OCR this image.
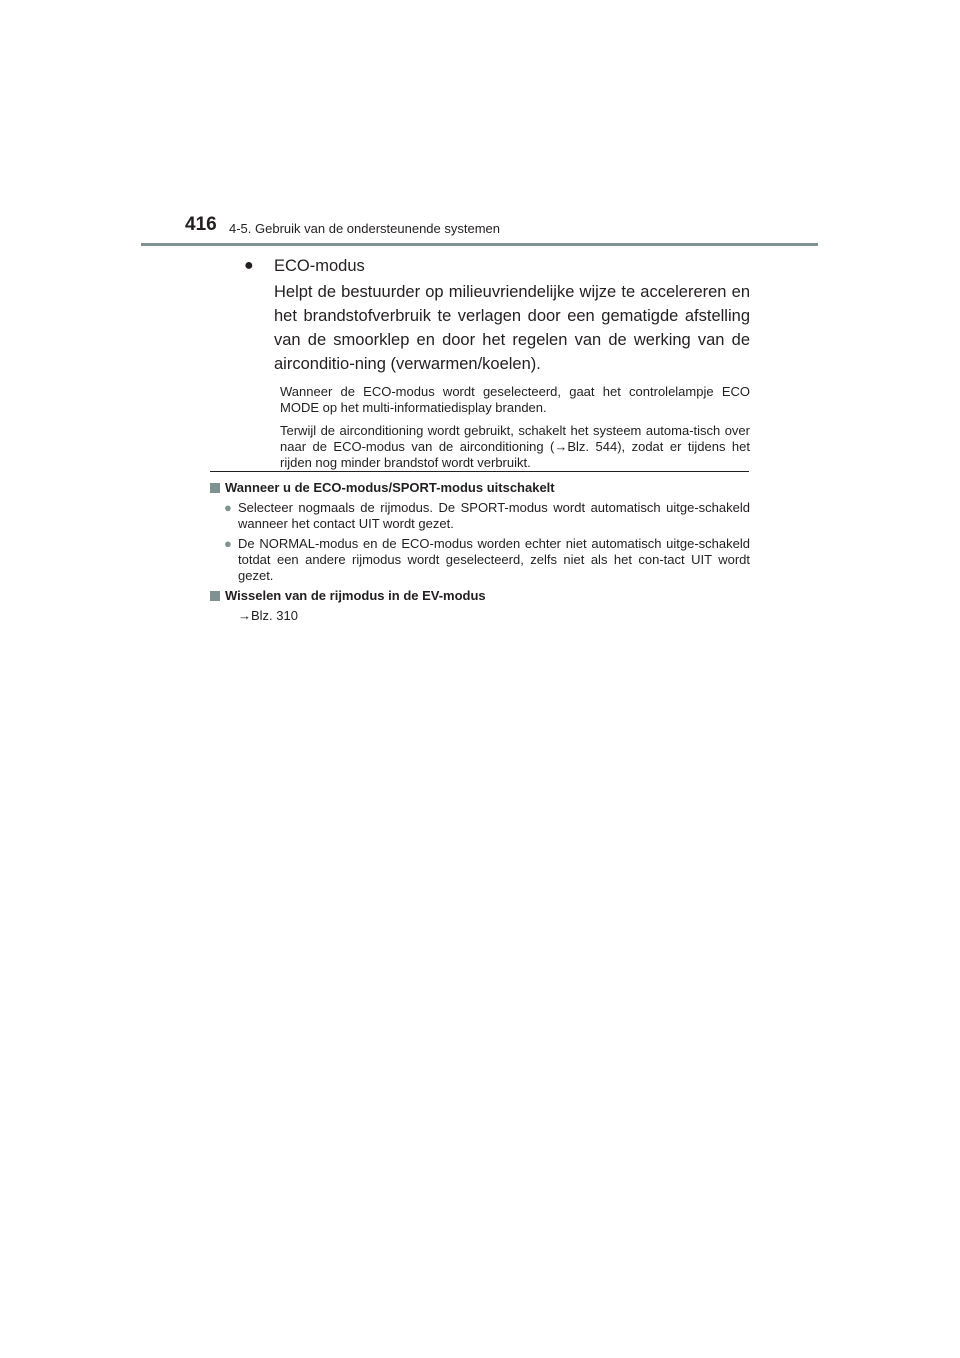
416 4-5. Gebruik van de ondersteunende systemen
● ECO-modus

Helpt de bestuurder op milieuvriendelijke wijze te accelereren en het brandstofverbruik te verlagen door een gematigde afstelling van de smoorklep en door het regelen van de werking van de airconditio-ning (verwarmen/koelen).

Wanneer de ECO-modus wordt geselecteerd, gaat het controlelampje ECO MODE op het multi-informatiedisplay branden.

Terwijl de airconditioning wordt gebruikt, schakelt het systeem automa-tisch over naar de ECO-modus van de airconditioning (→Blz. 544), zodat er tijdens het rijden nog minder brandstof wordt verbruikt.

Wanneer u de ECO-modus/SPORT-modus uitschakelt
● Selecteer nogmaals de rijmodus. De SPORT-modus wordt automatisch uitge-schakeld wanneer het contact UIT wordt gezet.
● De NORMAL-modus en de ECO-modus worden echter niet automatisch uitge-schakeld totdat een andere rijmodus wordt geselecteerd, zelfs niet als het con-tact UIT wordt gezet.
Wisselen van de rijmodus in de EV-modus
→Blz. 310
